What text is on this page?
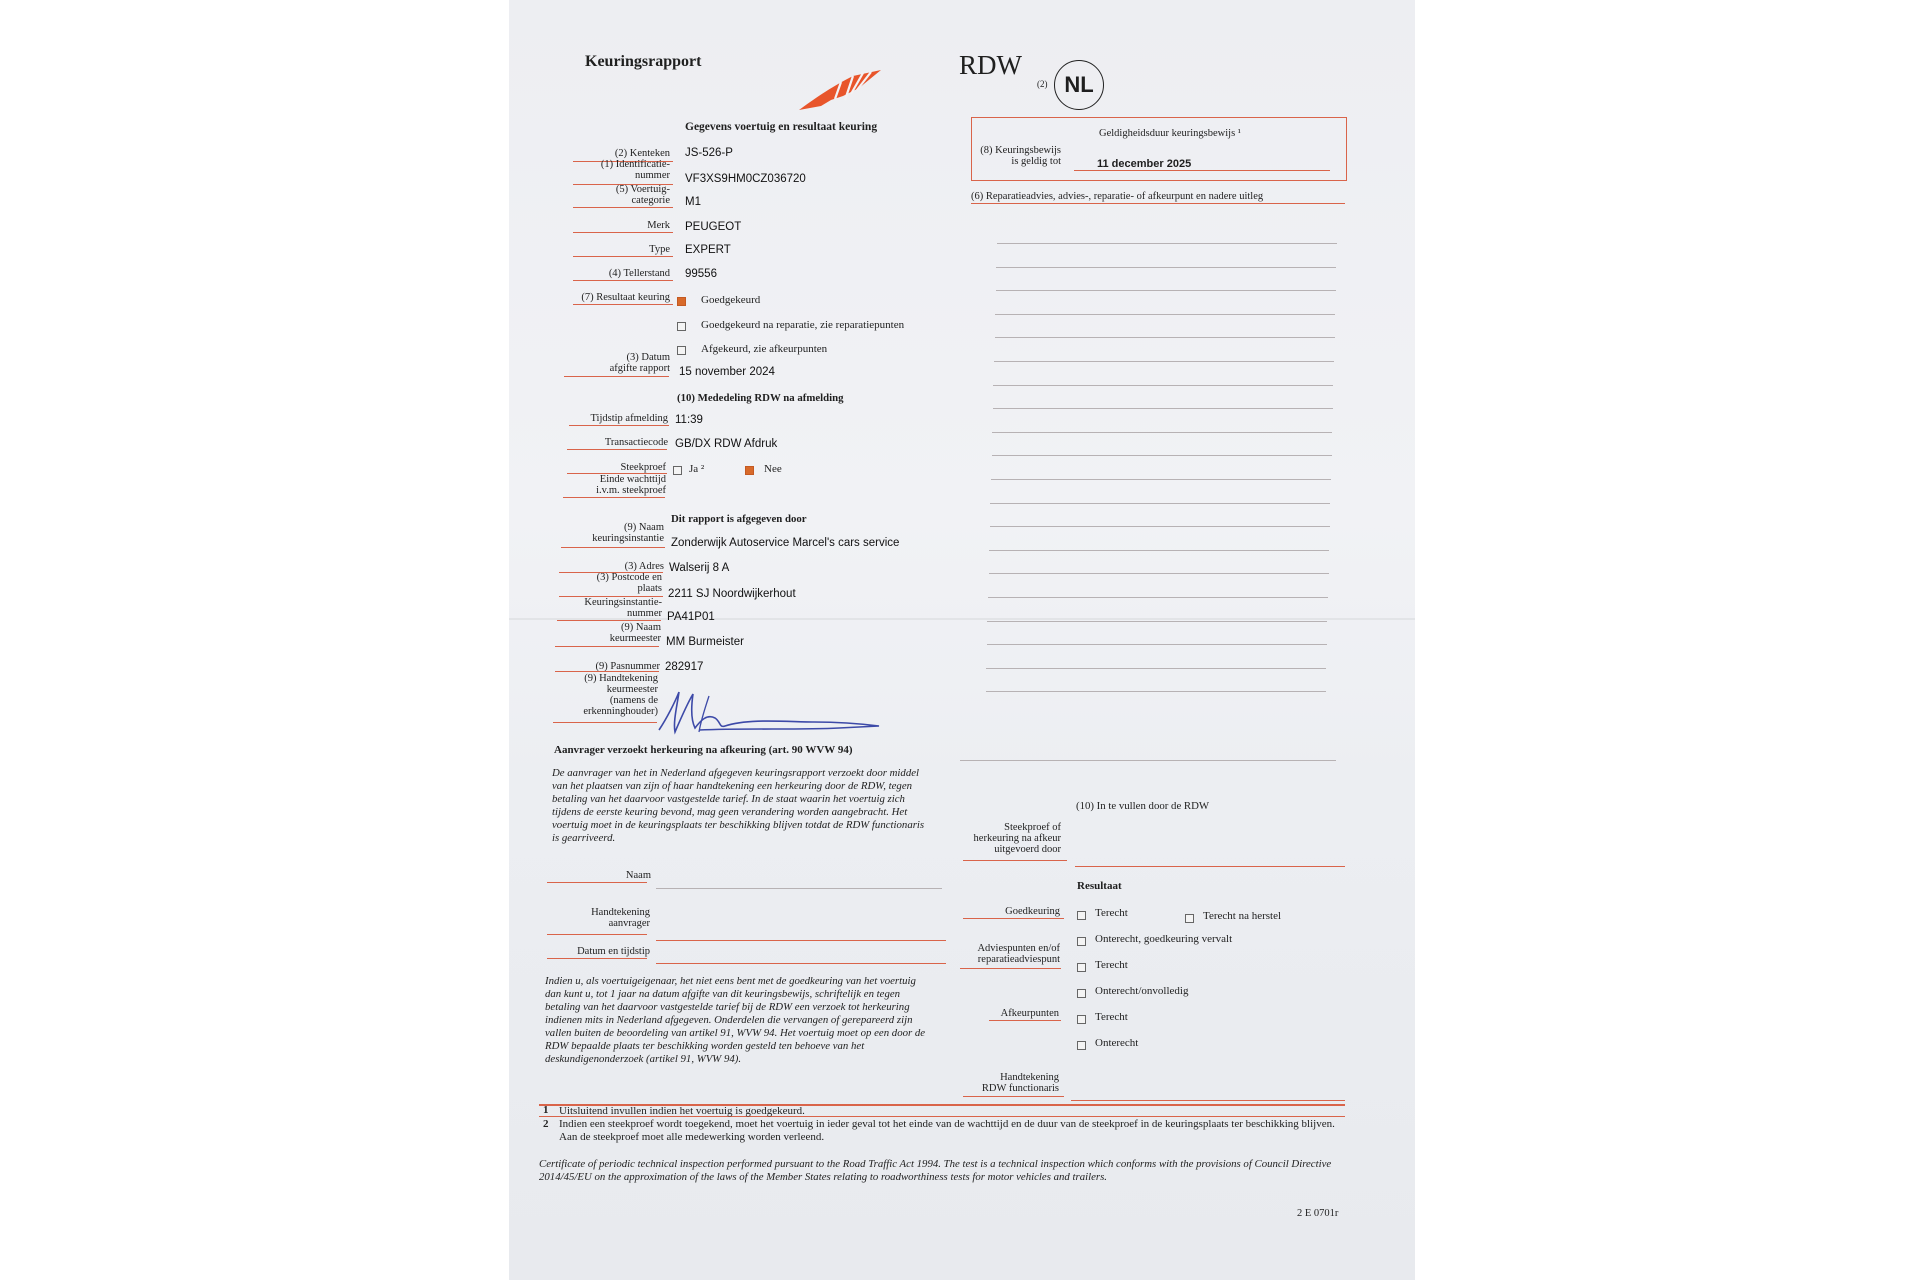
Keuringsrapport	RDW
(2) NL
Gegevens voertuig en resultaat keuring
(2) Kenteken JS-526-P
(1) Identificatie-
nummer VF3XS9HM0CZ036720
(5) Voertuig-
categorie M1
Merk PEUGEOT
Type EXPERT
(4) Tellerstand 99556
(7) Resultaat keuring	Goedgekeurd
Goedgekeurd na reparatie, zie reparatiepunten
Afgekeurd, zie afkeurpunten
(3) Datum
afgifte rapport 15 november 2024
(10) Mededeling RDW na afmelding
Tijdstip afmelding 11:39
Transactiecode GB/DX RDW Afdruk
Steekproef Ja ²	Nee
Einde wachttijd
i.v.m. steekproef
Dit rapport is afgegeven door
(9) Naam
keuringsinstantie Zonderwijk Autoservice Marcel's cars service
(3) Adres Walserij 8 A
(3) Postcode en
plaats 2211 SJ Noordwijkerhout
Keuringsinstantie-
nummer PA41P01
(9) Naam
keurmeester MM Burmeister
(9) Pasnummer 282917
(9) Handtekening
keurmeester
(namens de
erkenninghouder)
Geldigheidsduur keuringsbewijs ¹
(8) Keuringsbewijs
is geldig tot	11 december 2025
(6) Reparatieadvies, advies-, reparatie- of afkeurpunt en nadere uitleg
Aanvrager verzoekt herkeuring na afkeuring (art. 90 WVW 94)
De aanvrager van het in Nederland afgegeven keuringsrapport verzoekt door middel van het plaatsen van zijn of haar handtekening een herkeuring door de RDW, tegen betaling van het daarvoor vastgestelde tarief. In de staat waarin het voertuig zich tijdens de eerste keuring bevond, mag geen verandering worden aangebracht. Het voertuig moet in de keuringsplaats ter beschikking blijven totdat de RDW functionaris is gearriveerd.
Naam
Handtekening
aanvrager
Datum en tijdstip
Indien u, als voertuigeigenaar, het niet eens bent met de goedkeuring van het voertuig dan kunt u, tot 1 jaar na datum afgifte van dit keuringsbewijs, schriftelijk en tegen betaling van het daarvoor vastgestelde tarief bij de RDW een verzoek tot herkeuring indienen mits in Nederland afgegeven. Onderdelen die vervangen of gerepareerd zijn vallen buiten de beoordeling van artikel 91, WVW 94. Het voertuig moet op een door de RDW bepaalde plaats ter beschikking worden gesteld ten behoeve van het deskundigenonderzoek (artikel 91, WVW 94).
(10) In te vullen door de RDW
Steekproef of
herkeuring na afkeur
uitgevoerd door
Resultaat
Goedkeuring	Terecht	Terecht na herstel
Onterecht, goedkeuring vervalt
Adviespunten en/of
reparatieadviespunt	Terecht
Onterecht/onvolledig
Afkeurpunten	Terecht
Onterecht
Handtekening
RDW functionaris
1 Uitsluitend invullen indien het voertuig is goedgekeurd.
2 Indien een steekproef wordt toegekend, moet het voertuig in ieder geval tot het einde van de wachttijd en de duur van de steekproef in de keuringsplaats ter beschikking blijven. Aan de steekproef moet alle medewerking worden verleend.
Certificate of periodic technical inspection performed pursuant to the Road Traffic Act 1994. The test is a technical inspection which conforms with the provisions of Council Directive 2014/45/EU on the approximation of the laws of the Member States relating to roadworthiness tests for motor vehicles and trailers.
2 E 0701r
